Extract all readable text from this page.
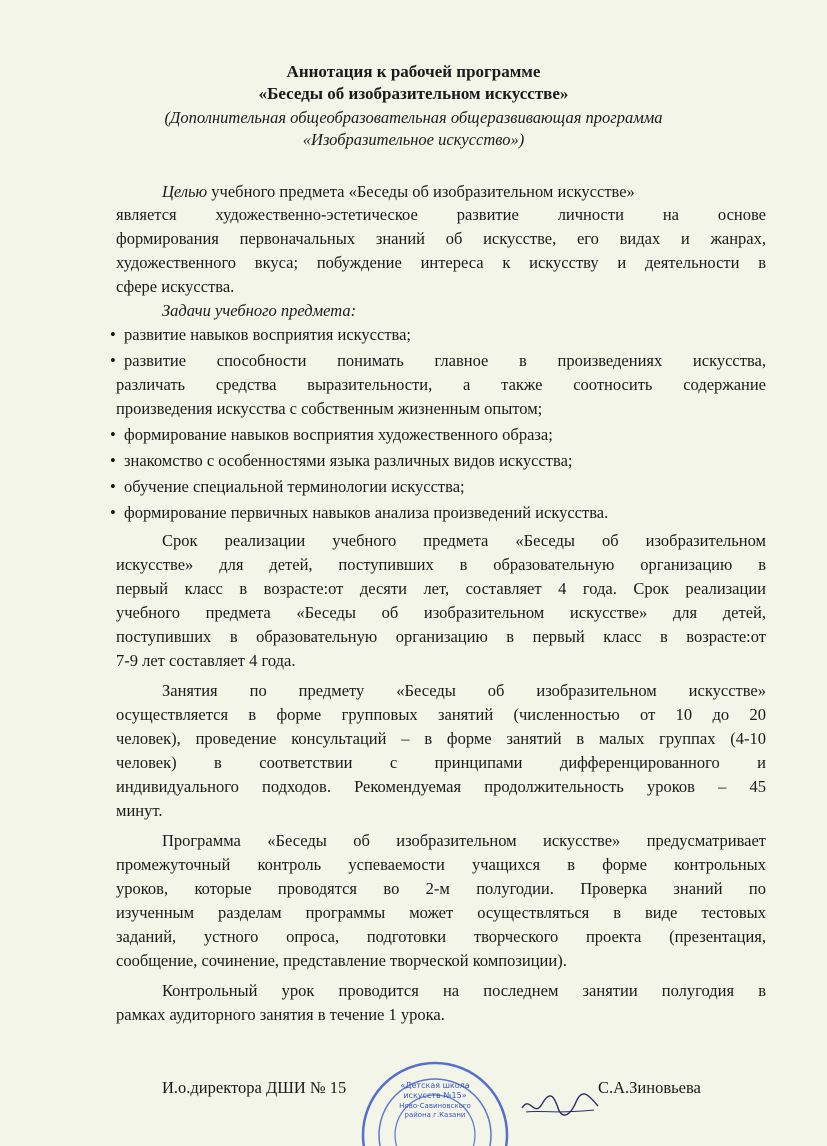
Аннотация к рабочей программе
«Беседы об изобразительном искусстве»
(Дополнительная общеобразовательная общеразвивающая программа
«Изобразительное искусство»)
Целью учебного предмета «Беседы об изобразительном искусстве»
является художественно-эстетическое развитие личности на основе
формирования первоначальных знаний об искусстве, его видах и жанрах,
художественного вкуса; побуждение интереса к искусству и деятельности в
сфере искусства.
Задачи учебного предмета:
• развитие навыков восприятия искусства;
• развитие способности понимать главное в произведениях искусства,
различать средства выразительности, а также соотносить содержание
произведения искусства с собственным жизненным опытом;
• формирование навыков восприятия художественного образа;
• знакомство с особенностями языка различных видов искусства;
• обучение специальной терминологии искусства;
• формирование первичных навыков анализа произведений искусства.
Срок реализации учебного предмета «Беседы об изобразительном
искусстве» для детей, поступивших в образовательную организацию в
первый класс в возрасте:от десяти лет, составляет 4 года. Срок реализации
учебного предмета «Беседы об изобразительном искусстве» для детей,
поступивших в образовательную организацию в первый класс в возрасте:от
7-9 лет составляет 4 года.
Занятия по предмету «Беседы об изобразительном искусстве»
осуществляется в форме групповых занятий (численностью от 10 до 20
человек), проведение консультаций – в форме занятий в малых группах (4-10
человек) в соответствии с принципами дифференцированного и
индивидуального подходов. Рекомендуемая продолжительность уроков – 45
минут.
Программа «Беседы об изобразительном искусстве» предусматривает
промежуточный контроль успеваемости учащихся в форме контрольных
уроков, которые проводятся во 2-м полугодии. Проверка знаний по
изученным разделам программы может осуществляться в виде тестовых
заданий, устного опроса, подготовки творческого проекта (презентация,
сообщение, сочинение, представление творческой композиции).
Контрольный урок проводится на последнем занятии полугодия в
рамках аудиторного занятия в течение 1 урока.
И.о.директора ДШИ № 15	С.А.Зиновьева
«Детская школа
искусств №15»
Ново-Савиновского
района г.Казани
